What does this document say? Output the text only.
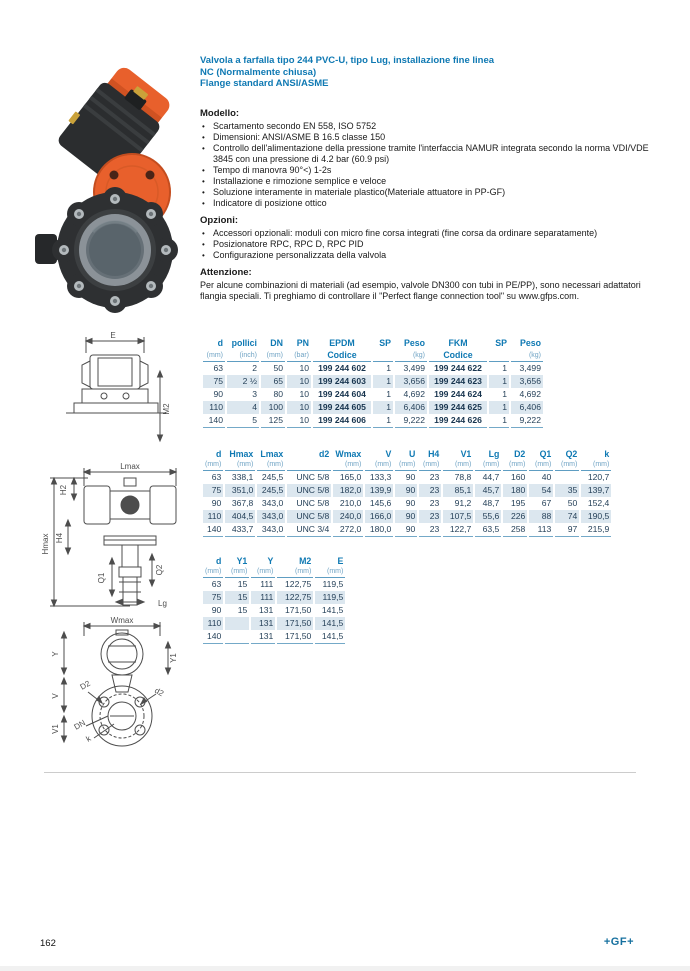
E
M2
H2
Lmax
Hmax H4
Q1
Q2
Lg
Wmax
Y	Y1
V
V1
D2
d2
DN
k
Valvola a farfalla tipo 244 PVC-U, tipo Lug, installazione fine linea
NC (Normalmente chiusa)
Flange standard ANSI/ASME
Modello:
• Scartamento secondo EN 558, ISO 5752
• Dimensioni: ANSI/ASME B 16.5 classe 150
• Controllo dell'alimentazione della pressione tramite l'interfaccia NAMUR integrata secondo la norma VDI/VDE 3845 con una pressione di 4.2 bar (60.9 psi)
• Tempo di manovra 90°<) 1-2s
• Installazione e rimozione semplice e veloce
• Soluzione interamente in materiale plastico(Materiale attuatore in PP-GF)
• Indicatore di posizione ottico
Opzioni:
• Accessori opzionali: moduli con micro fine corsa integrati (fine corsa da ordinare separatamente)
• Posizionatore RPC, RPC D, RPC PID
• Configurazione personalizzata della valvola
Attenzione:
Per alcune combinazioni di materiali (ad esempio, valvole DN300 con tubi in PE/PP), sono necessari adattatori flangia speciali. Ti preghiamo di controllare il "Perfect flange connection tool" su www.gfps.com.
d	pollici	DN	PN	EPDM	SP	Peso	FKM	SP	Peso
(mm)	(inch)	(mm)	(bar)	Codice		(kg)	Codice		(kg)
63	2	50	10	199 244 602	1	3,499	199 244 622	1	3,499
75	2 ½	65	10	199 244 603	1	3,656	199 244 623	1	3,656
90	3	80	10	199 244 604	1	4,692	199 244 624	1	4,692
110	4	100	10	199 244 605	1	6,406	199 244 625	1	6,406
140	5	125	10	199 244 606	1	9,222	199 244 626	1	9,222
d	Hmax	Lmax	d2	Wmax	V	U	H4	V1	Lg	D2	Q1	Q2	k
(mm)	(mm)	(mm)		(mm)	(mm)	(mm)	(mm)	(mm)	(mm)	(mm)	(mm)	(mm)	(mm)
63	338,1	245,5	UNC 5/8	165,0	133,3	90	23	78,8	44,7	160	40		120,7
75	351,0	245,5	UNC 5/8	182,0	139,9	90	23	85,1	45,7	180	54	35	139,7
90	367,8	343,0	UNC 5/8	210,0	145,6	90	23	91,2	48,7	195	67	50	152,4
110	404,5	343,0	UNC 5/8	240,0	166,0	90	23	107,5	55,6	226	88	74	190,5
140	433,7	343,0	UNC 3/4	272,0	180,0	90	23	122,7	63,5	258	113	97	215,9
d	Y1	Y	M2	E
(mm)	(mm)	(mm)	(mm)	(mm)
63	15	111	122,75	119,5
75	15	111	122,75	119,5
90	15	131	171,50	141,5
110		131	171,50	141,5
140		131	171,50	141,5
162	+GF+
